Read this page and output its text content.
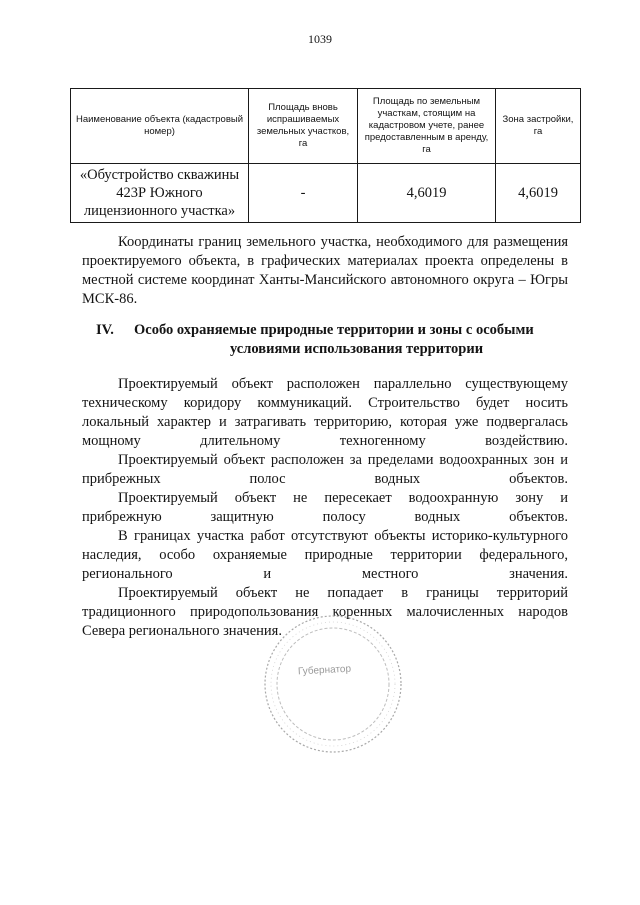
1039
Наименование объекта (кадастровый номер)	Площадь вновь испрашиваемых земельных участков, га	Площадь по земельным участкам, стоящим на кадастровом учете, ранее предоставленным в аренду, га	Зона застройки, га
«Обустройство скважины 423Р Южного лицензионного участка»	-	4,6019	4,6019

Координаты границ земельного участка, необходимого для размещения проектируемого объекта, в графических материалах проекта определены в местной системе координат Ханты-Мансийского автономного округа – Югры МСК-86.

IV. Особо охраняемые природные территории и зоны с особыми
условиями использования территории

Проектируемый объект расположен параллельно существующему техническому коридору коммуникаций. Строительство будет носить локальный характер и затрагивать территорию, которая уже подвергалась мощному длительному техногенному воздействию.

Проектируемый объект расположен за пределами водоохранных зон и прибрежных полос водных объектов.

Проектируемый объект не пересекает водоохранную зону и прибрежную защитную полосу водных объектов.

В границах участка работ отсутствуют объекты историко-культурного наследия, особо охраняемые природные территории федерального, регионального и местного значения.

Проектируемый объект не попадает в границы территорий традиционного природопользования коренных малочисленных народов Севера регионального значения.

Губернатор
